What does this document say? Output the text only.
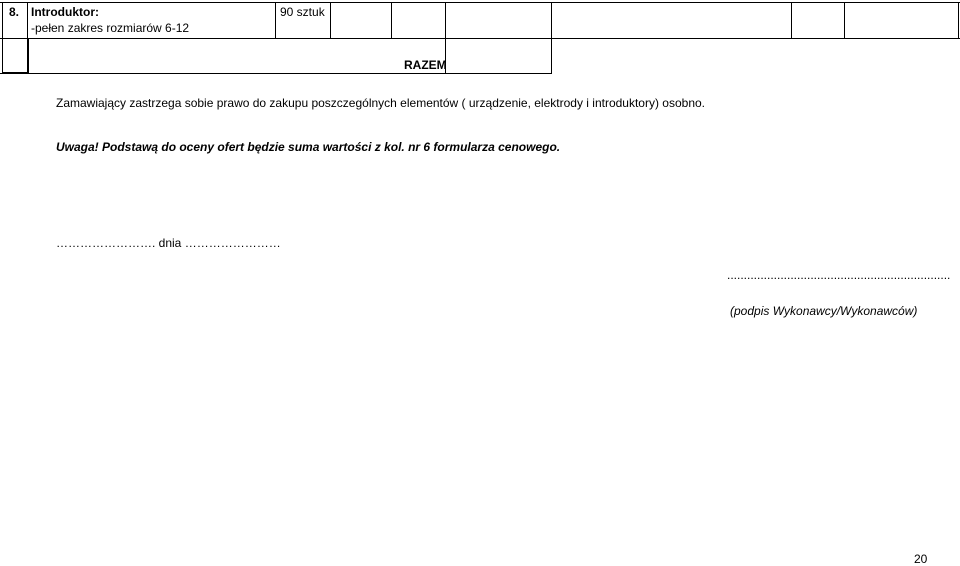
8. Introduktor:
-pełen zakres rozmiarów 6-12
90 sztuk
RAZEM
Zamawiający zastrzega sobie prawo do zakupu poszczególnych elementów ( urządzenie, elektrody i introduktory) osobno.
Uwaga! Podstawą do oceny ofert będzie suma wartości z kol. nr 6 formularza cenowego.
……………………. dnia ……………………
...................................................................
(podpis Wykonawcy/Wykonawców)
20
